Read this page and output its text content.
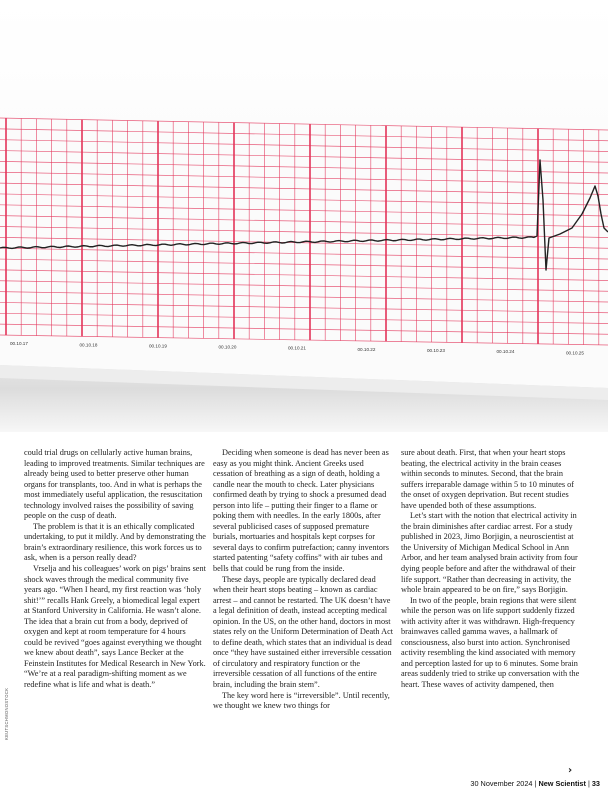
00.10.17	00.10.18	00.10.19	00.10.20	00.10.21	00.10.22	00.10.23	00.10.24	00.10.25
KEUTSCHMONOSTOCK

could trial drugs on cellularly active human brains, leading to improved treatments. Similar techniques are already being used to better preserve other human organs for transplants, too. And in what is perhaps the most immediately useful application, the resuscitation technology involved raises the possibility of saving people on the cusp of death.

The problem is that it is an ethically complicated undertaking, to put it mildly. And by demonstrating the brain’s extraordinary resilience, this work forces us to ask, when is a person really dead?

Vrselja and his colleagues’ work on pigs’ brains sent shock waves through the medical community five years ago. “When I heard, my first reaction was ‘holy shit!’” recalls Hank Greely, a biomedical legal expert at Stanford University in California. He wasn’t alone. The idea that a brain cut from a body, deprived of oxygen and kept at room temperature for 4 hours could be revived “goes against everything we thought we knew about death”, says Lance Becker at the Feinstein Institutes for Medical Research in New York. “We’re at a real paradigm-shifting moment as we redefine what is life and what is death.”

Deciding when someone is dead has never been as easy as you might think. Ancient Greeks used cessation of breathing as a sign of death, holding a candle near the mouth to check. Later physicians confirmed death by trying to shock a presumed dead person into life – putting their finger to a flame or poking them with needles. In the early 1800s, after several publicised cases of supposed premature burials, mortuaries and hospitals kept corpses for several days to confirm putrefaction; canny inventors started patenting “safety coffins” with air tubes and bells that could be rung from the inside.

These days, people are typically declared dead when their heart stops beating – known as cardiac arrest – and cannot be restarted. The UK doesn’t have a legal definition of death, instead accepting medical opinion. In the US, on the other hand, doctors in most states rely on the Uniform Determination of Death Act to define death, which states that an individual is dead once “they have sustained either irreversible cessation of circulatory and respiratory function or the irreversible cessation of all functions of the entire brain, including the brain stem”.

The key word here is “irreversible”. Until recently, we thought we knew two things for

sure about death. First, that when your heart stops beating, the electrical activity in the brain ceases within seconds to minutes. Second, that the brain suffers irreparable damage within 5 to 10 minutes of the onset of oxygen deprivation. But recent studies have upended both of these assumptions.

Let’s start with the notion that electrical activity in the brain diminishes after cardiac arrest. For a study published in 2023, Jimo Borjigin, a neuroscientist at the University of Michigan Medical School in Ann Arbor, and her team analysed brain activity from four dying people before and after the withdrawal of their life support. “Rather than decreasing in activity, the whole brain appeared to be on fire,” says Borjigin.

In two of the people, brain regions that were silent while the person was on life support suddenly fizzed with activity after it was withdrawn. High-frequency brainwaves called gamma waves, a hallmark of consciousness, also burst into action. Synchronised activity resembling the kind associated with memory and perception lasted for up to 6 minutes. Some brain areas suddenly tried to strike up conversation with the heart. These waves of activity dampened, then

›
30 November 2024 | New Scientist | 33
